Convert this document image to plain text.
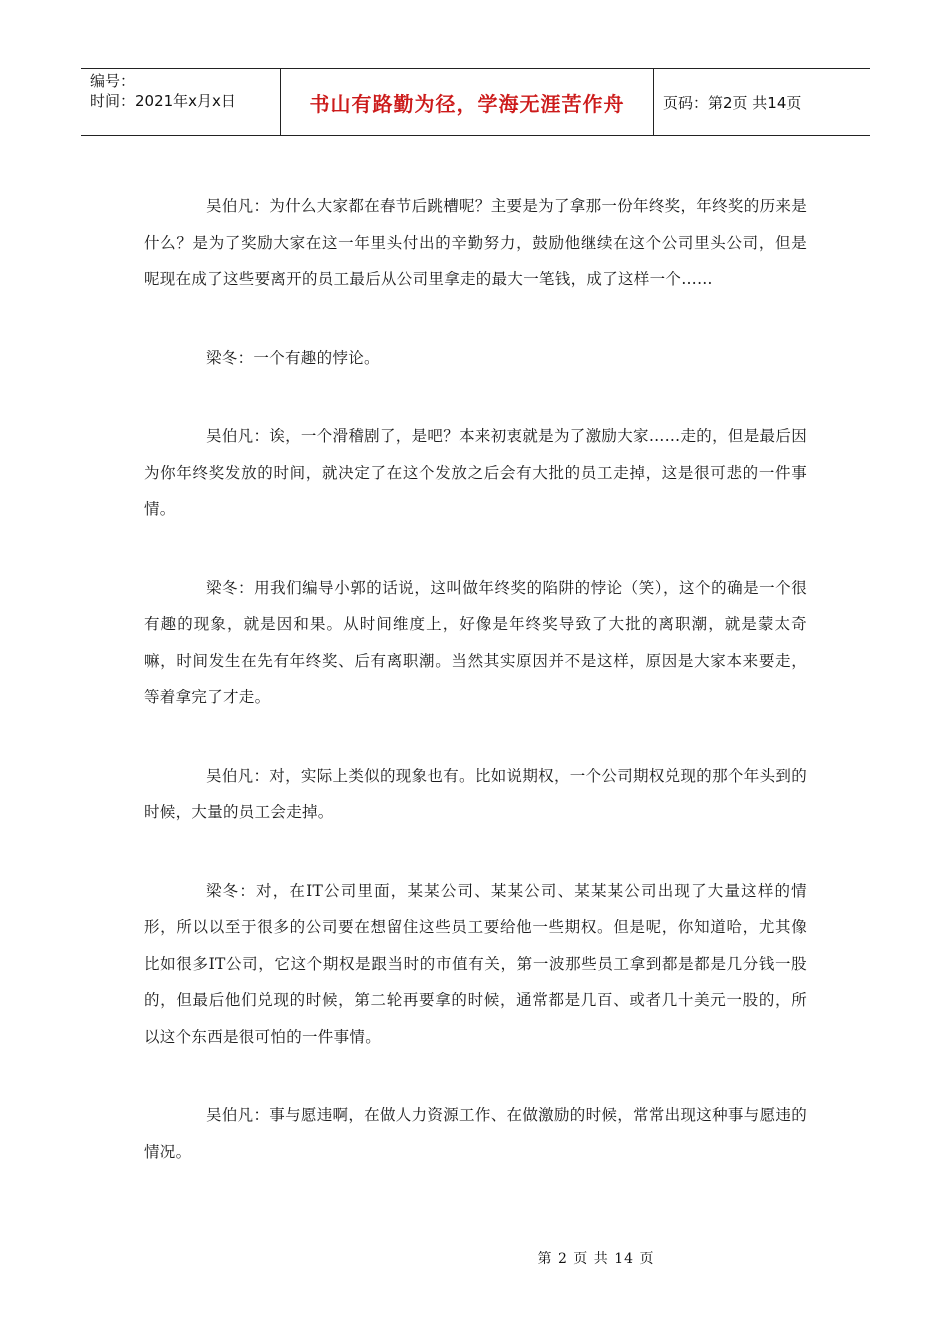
编号：
时间：2021年x月x日	书山有路勤为径，学海无涯苦作舟	页码：第2页 共14页

吴伯凡：为什么大家都在春节后跳槽呢？主要是为了拿那一份年终奖，年终奖的历来是什么？是为了奖励大家在这一年里头付出的辛勤努力，鼓励他继续在这个公司里头公司，但是呢现在成了这些要离开的员工最后从公司里拿走的最大一笔钱，成了这样一个……

梁冬：一个有趣的悖论。

吴伯凡：诶，一个滑稽剧了，是吧？本来初衷就是为了激励大家……走的，但是最后因为你年终奖发放的时间，就决定了在这个发放之后会有大批的员工走掉，这是很可悲的一件事情。

梁冬：用我们编导小郭的话说，这叫做年终奖的陷阱的悖论（笑），这个的确是一个很有趣的现象，就是因和果。从时间维度上，好像是年终奖导致了大批的离职潮，就是蒙太奇嘛，时间发生在先有年终奖、后有离职潮。当然其实原因并不是这样，原因是大家本来要走，等着拿完了才走。

吴伯凡：对，实际上类似的现象也有。比如说期权，一个公司期权兑现的那个年头到的时候，大量的员工会走掉。

梁冬：对，在IT公司里面，某某公司、某某公司、某某某公司出现了大量这样的情形，所以以至于很多的公司要在想留住这些员工要给他一些期权。但是呢，你知道哈，尤其像比如很多IT公司，它这个期权是跟当时的市值有关，第一波那些员工拿到都是都是几分钱一股的，但最后他们兑现的时候，第二轮再要拿的时候，通常都是几百、或者几十美元一股的，所以这个东西是很可怕的一件事情。

吴伯凡：事与愿违啊，在做人力资源工作、在做激励的时候，常常出现这种事与愿违的情况。

第 2 页 共 14 页
